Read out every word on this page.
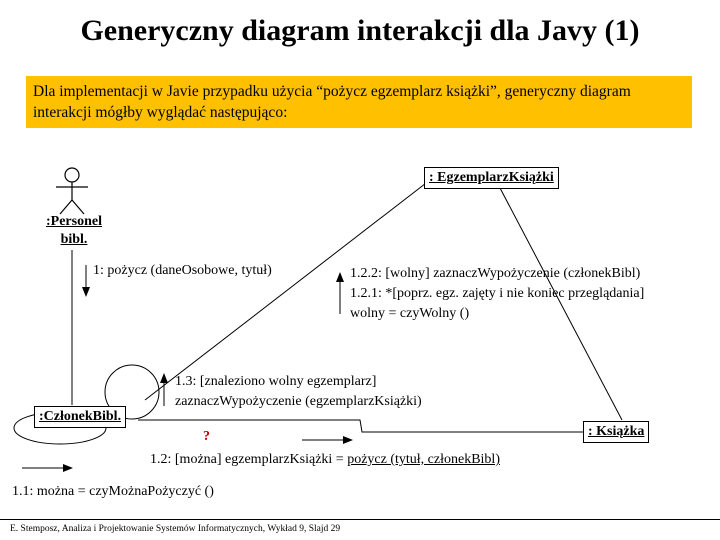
Generyczny diagram interakcji dla Javy (1)
Dla implementacji w Javie przypadku użycia “pożycz egzemplarz książki”, generyczny diagram interakcji mógłby wyglądać następująco:
:Personel
bibl.
: EgzemplarzKsiążki
:CzłonekBibl.
: Książka
1: pożycz (daneOsobowe, tytuł)	1.2.2: [wolny] zaznaczWypożyczenie (członekBibl)
1.2.1: *[poprz. egz. zajęty i nie koniec przeglądania]
wolny = czyWolny ()
1.3: [znaleziono wolny egzemplarz]
zaznaczWypożyczenie (egzemplarzKsiążki)
?
1.2: [można] egzemplarzKsiążki = pożycz (tytuł, członekBibl)
1.1: można = czyMożnaPożyczyć ()
E. Stemposz, Analiza i Projektowanie Systemów Informatycznych, Wykład 9, Slajd 29
